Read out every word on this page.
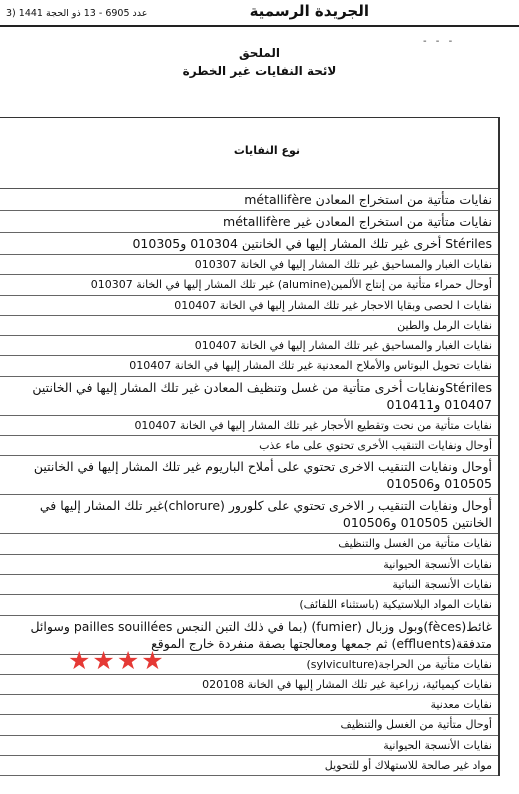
الجريدة الرسمية
عدد 6905 - 13 ذو الحجة 1441 (3
- - -
الملحق
لائحة النفايات غير الخطرة
نوع النفايات
نفايات متأتية من استخراج المعادن métallifère
نفايات متأتية من استخراج المعادن غير métallifère
Stériles أخرى غير تلك المشار إليها في الخانتين 010304 و010305
نفايات الغبار والمساحيق غير تلك المشار إليها في الخانة 010307
أوحال حمراء متأتية من إنتاج الألمين(alumine) غير تلك المشار إليها في الخانة 010307
نفايات ا لحصى وبقايا الاحجار غير تلك المشار إليها في الخانة 010407
نفايات الرمل والطين
نفايات الغبار والمساحيق غير تلك المشار إليها في الخانة 010407
نفايات تحويل البوتاس والأملاح المعدنية غير تلك المشار إليها في الخانة 010407
Stérilesونفايات أخرى متأتية من غسل وتنظيف المعادن غير تلك المشار إليها في الخانتين 010407 و010411
نفايات متأتية من نحت وتقطيع الأحجار غير تلك المشار إليها في الخانة 010407
أوحال ونفايات التنقيب الأخرى تحتوي على ماء عذب
أوحال ونفايات التنقيب الاخرى تحتوي على أملاح الباريوم غير تلك المشار إليها في الخانتين 010505 و010506
أوحال ونفايات التنقيب ر الاخرى تحتوي على كلورور (chlorure)غير تلك المشار إليها في الخانتين 010505 و010506
نفايات متأتية من الغسل والتنظيف
نفايات الأنسجة الحيوانية
نفايات الأنسجة النباتية
نفايات المواد البلاستيكية (باستثناء اللفائف)
غائط(fèces)وبول وزبال (fumier) (بما في ذلك التبن النجس pailles souillées وسوائل متدفقة(effluents) ثم جمعها ومعالجتها بصفة منفردة خارج الموقع
نفايات متأتية من الحراجة(sylviculture)
نفايات كيميائية، زراعية غير تلك المشار إليها في الخانة 020108
نفايات معدنية
أوحال متأتية من الغسل والتنظيف
نفايات الأنسجة الحيوانية
مواد غير صالحة للاستهلاك أو للتحويل
★★★★
